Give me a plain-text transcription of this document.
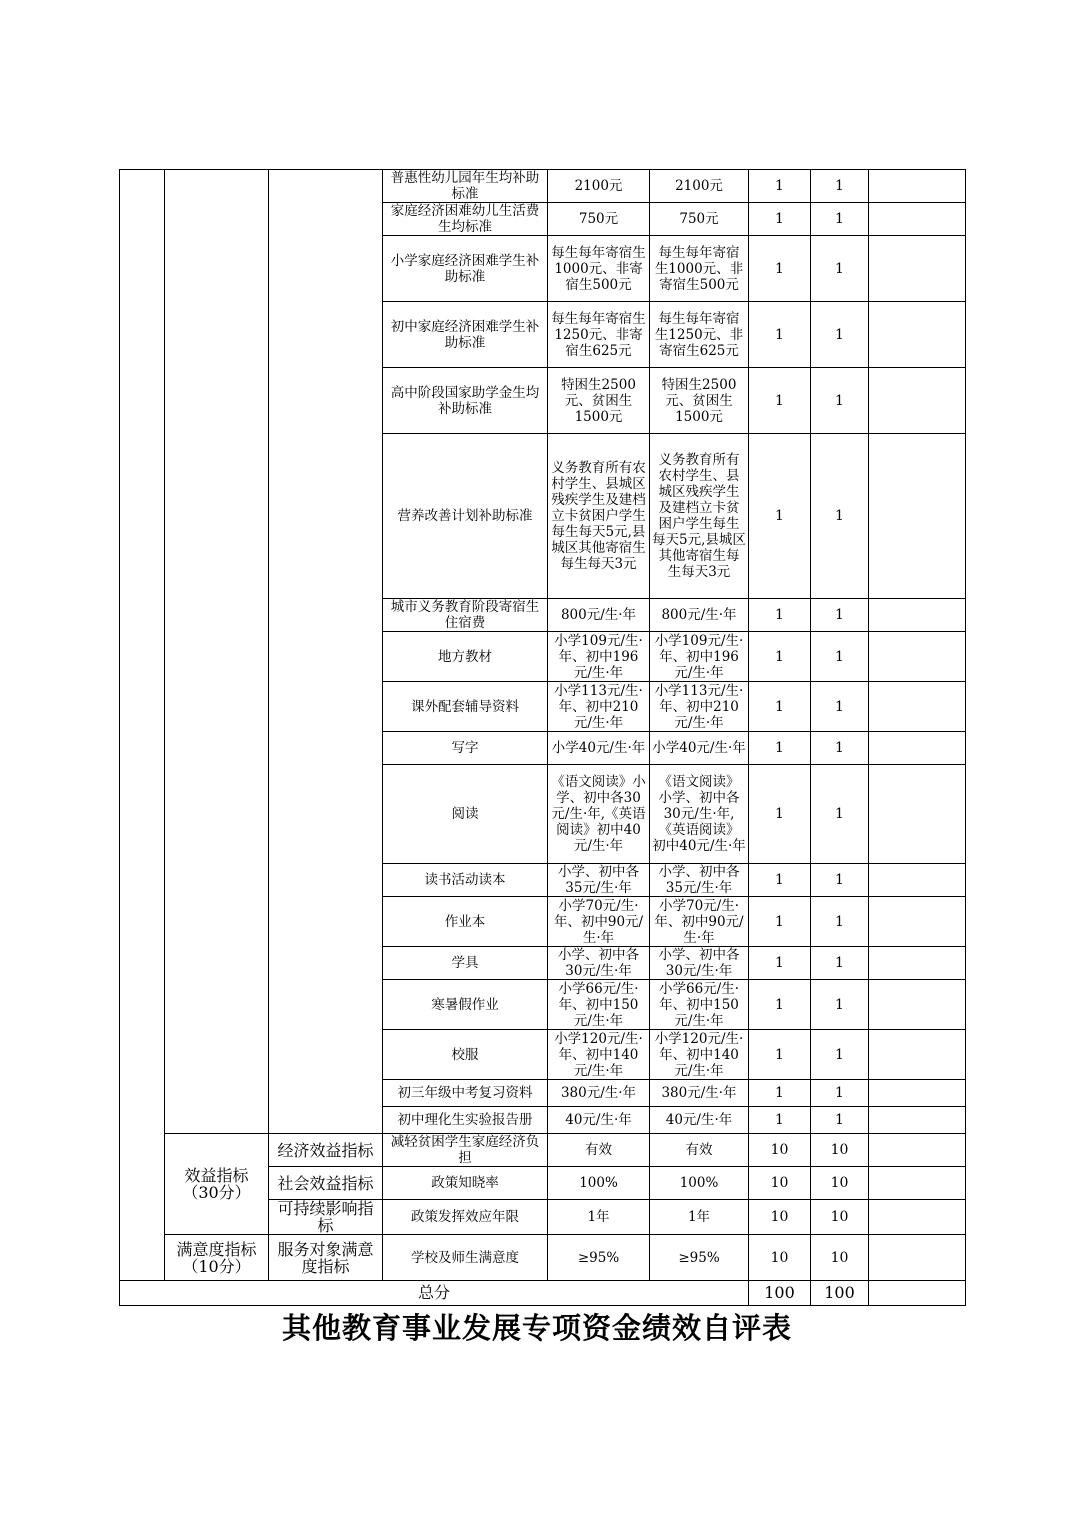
			普惠性幼儿园年生均补助标准	2100元	2100元	1	1	
			家庭经济困难幼儿生活费生均标准	750元	750元	1	1	
			小学家庭经济困难学生补助标准	每生每年寄宿生1000元、非寄宿生500元	每生每年寄宿生1000元、非寄宿生500元	1	1	
			初中家庭经济困难学生补助标准	每生每年寄宿生1250元、非寄宿生625元	每生每年寄宿生1250元、非寄宿生625元	1	1	
			高中阶段国家助学金生均补助标准	特困生2500元、贫困生1500元	特困生2500元、贫困生1500元	1	1	
			营养改善计划补助标准	义务教育所有农村学生、县城区残疾学生及建档立卡贫困户学生每生每天5元,县城区其他寄宿生每生每天3元	义务教育所有农村学生、县城区残疾学生及建档立卡贫困户学生每生每天5元,县城区其他寄宿生每生每天3元	1	1	
			城市义务教育阶段寄宿生住宿费	800元/生·年	800元/生·年	1	1	
			地方教材	小学109元/生·年、初中196元/生·年	小学109元/生·年、初中196元/生·年	1	1	
			课外配套辅导资料	小学113元/生·年、初中210元/生·年	小学113元/生·年、初中210元/生·年	1	1	
			写字	小学40元/生·年	小学40元/生·年	1	1	
			阅读	《语文阅读》小学、初中各30元/生·年,《英语阅读》初中40元/生·年	《语文阅读》小学、初中各30元/生·年,《英语阅读》初中40元/生·年	1	1	
			读书活动读本	小学、初中各35元/生·年	小学、初中各35元/生·年	1	1	
			作业本	小学70元/生·年、初中90元/生·年	小学70元/生·年、初中90元/生·年	1	1	
			学具	小学、初中各30元/生·年	小学、初中各30元/生·年	1	1	
			寒暑假作业	小学66元/生·年、初中150元/生·年	小学66元/生·年、初中150元/生·年	1	1	
			校服	小学120元/生·年、初中140元/生·年	小学120元/生·年、初中140元/生·年	1	1	
			初三年级中考复习资料	380元/生·年	380元/生·年	1	1	
			初中理化生实验报告册	40元/生·年	40元/生·年	1	1	
	效益指标（30分）	经济效益指标	减轻贫困学生家庭经济负担	有效	有效	10	10	
		社会效益指标	政策知晓率	100%	100%	10	10	
		可持续影响指标	政策发挥效应年限	1年	1年	10	10	
	满意度指标（10分）	服务对象满意度指标	学校及师生满意度	≥95%	≥95%	10	10	
总分						100	100	
其他教育事业发展专项资金绩效自评表
